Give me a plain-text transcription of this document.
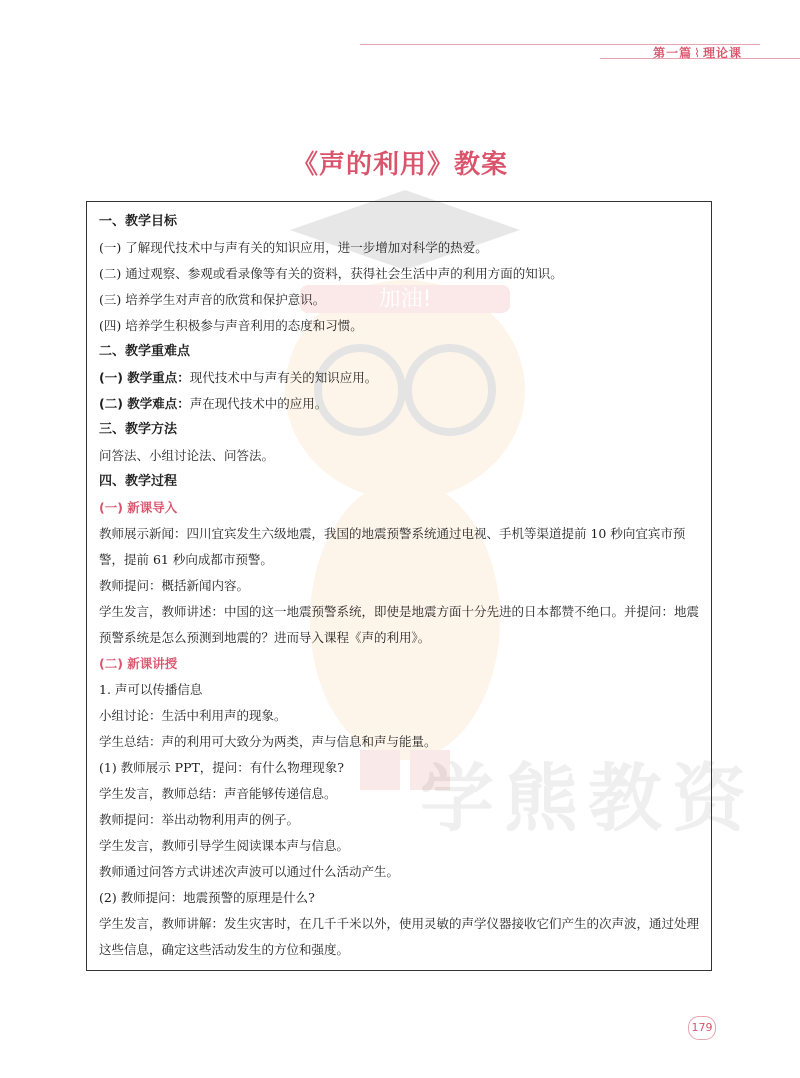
第一篇 ⌇ 理论课
《声的利用》教案
加油!
学熊教资
一、教学目标
(一) 了解现代技术中与声有关的知识应用，进一步增加对科学的热爱。
(二) 通过观察、参观或看录像等有关的资料，获得社会生活中声的利用方面的知识。
(三) 培养学生对声音的欣赏和保护意识。
(四) 培养学生积极参与声音利用的态度和习惯。
二、教学重难点
(一) 教学重点：现代技术中与声有关的知识应用。
(二) 教学难点：声在现代技术中的应用。
三、教学方法
问答法、小组讨论法、问答法。
四、教学过程
(一) 新课导入
教师展示新闻：四川宜宾发生六级地震，我国的地震预警系统通过电视、手机等渠道提前 10 秒向宜宾市预警，提前 61 秒向成都市预警。
教师提问：概括新闻内容。
学生发言，教师讲述：中国的这一地震预警系统，即使是地震方面十分先进的日本都赞不绝口。并提问：地震预警系统是怎么预测到地震的？进而导入课程《声的利用》。
(二) 新课讲授
1. 声可以传播信息
小组讨论：生活中利用声的现象。
学生总结：声的利用可大致分为两类，声与信息和声与能量。
(1) 教师展示 PPT，提问：有什么物理现象?
学生发言，教师总结：声音能够传递信息。
教师提问：举出动物利用声的例子。
学生发言，教师引导学生阅读课本声与信息。
教师通过问答方式讲述次声波可以通过什么活动产生。
(2) 教师提问：地震预警的原理是什么?
学生发言，教师讲解：发生灾害时，在几千千米以外，使用灵敏的声学仪器接收它们产生的次声波，通过处理这些信息，确定这些活动发生的方位和强度。
179
